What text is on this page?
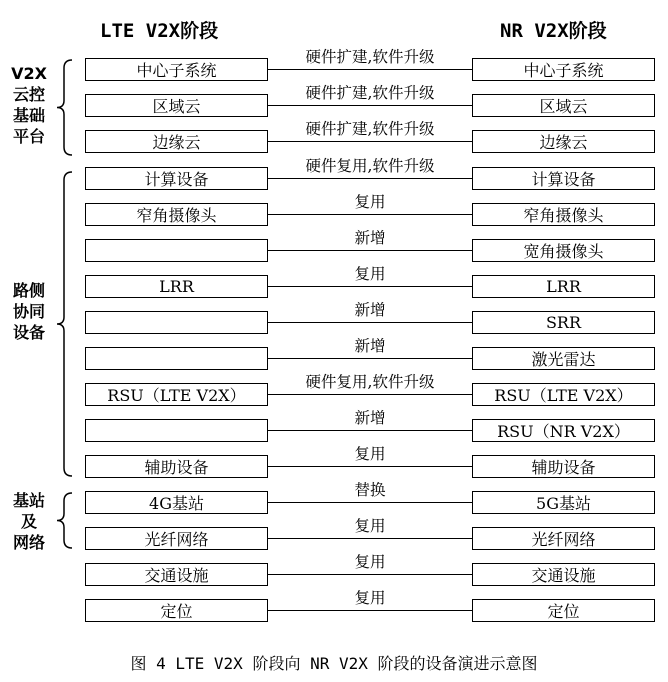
LTE V2X阶段	NR V2X阶段
V2X
云控
基础
平台
路侧
协同
设备
基站
及
网络
中心子系统
硬件扩建,软件升级
中心子系统
区域云
硬件扩建,软件升级
区域云
边缘云
硬件扩建,软件升级
边缘云
计算设备
硬件复用,软件升级
计算设备
窄角摄像头
复用
窄角摄像头
新增
宽角摄像头
LRR
复用
LRR
新增
SRR
新增
激光雷达
RSU（LTE V2X）
硬件复用,软件升级
RSU（LTE V2X）
新增
RSU（NR V2X）
辅助设备
复用
辅助设备
4G基站
替换
5G基站
光纤网络
复用
光纤网络
交通设施
复用
交通设施
定位
复用
定位
图 4 LTE V2X 阶段向 NR V2X 阶段的设备演进示意图
